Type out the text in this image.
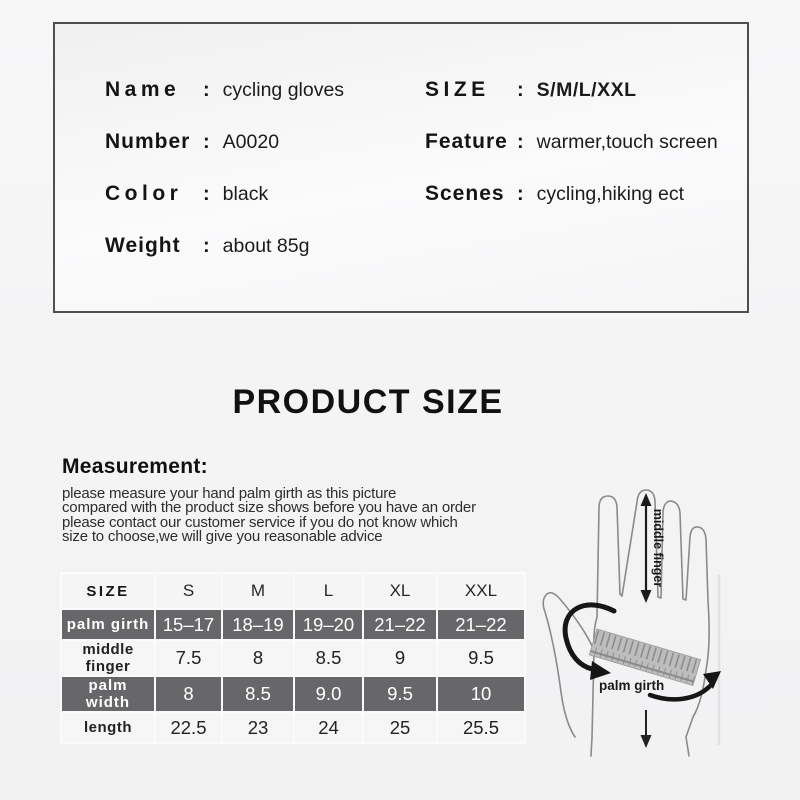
Name	: cycling gloves
Number : A0020
Color	: black
Weight	: about 85g
SIZE	: S/M/L/XXL
Feature : warmer,touch screen
Scenes : cycling,hiking ect
PRODUCT SIZE
Measurement:
please measure your hand palm girth as this picture
compared with the product size shows before you have an order
please contact our customer service if you do not know which
size to choose,we will give you reasonable advice
SIZE	S	M	L	XL	XXL
palm girth	15–17	18–19	19–20	21–22	21–22
middle finger	7.5	8	8.5	9	9.5
palm width	8	8.5	9.0	9.5	10
length	22.5	23	24	25	25.5
middle finger
palm girth
